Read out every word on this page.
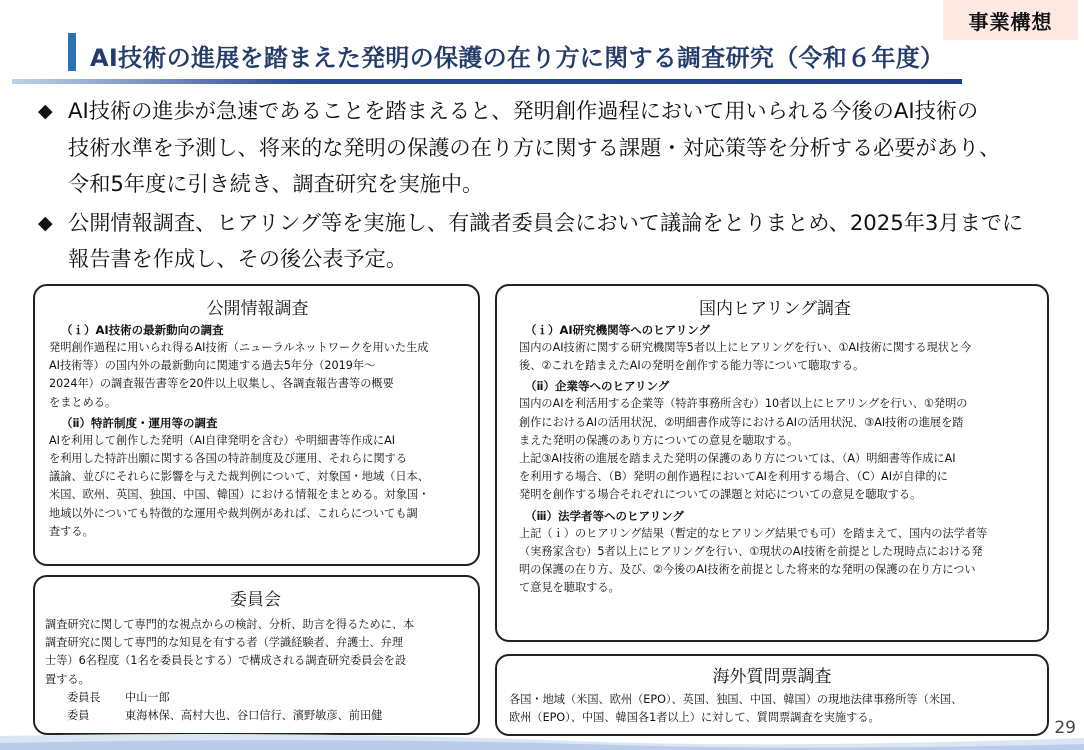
事業構想
AI技術の進展を踏まえた発明の保護の在り方に関する調査研究（令和６年度）
◆ AI技術の進歩が急速であることを踏まえると、発明創作過程において用いられる今後のAI技術の
技術水準を予測し、将来的な発明の保護の在り方に関する課題・対応策等を分析する必要があり、
令和5年度に引き続き、調査研究を実施中。
◆ 公開情報調査、ヒアリング等を実施し、有識者委員会において議論をとりまとめ、2025年3月までに
報告書を作成し、その後公表予定。
公開情報調査
（ｉ）AI技術の最新動向の調査
発明創作過程に用いられ得るAI技術（ニューラルネットワークを用いた生成
AI技術等）の国内外の最新動向に関連する過去5年分（2019年～
2024年）の調査報告書等を20件以上収集し、各調査報告書等の概要
をまとめる。
（ⅱ）特許制度・運用等の調査
AIを利用して創作した発明（AI自律発明を含む）や明細書等作成にAI
を利用した特許出願に関する各国の特許制度及び運用、それらに関する
議論、並びにそれらに影響を与えた裁判例について、対象国・地域（日本、
米国、欧州、英国、独国、中国、韓国）における情報をまとめる。対象国・
地域以外についても特徴的な運用や裁判例があれば、これらについても調
査する。
国内ヒアリング調査
（ｉ）AI研究機関等へのヒアリング
国内のAI技術に関する研究機関等5者以上にヒアリングを行い、①AI技術に関する現状と今
後、②これを踏まえたAIの発明を創作する能力等について聴取する。
（ⅱ）企業等へのヒアリング
国内のAIを利活用する企業等（特許事務所含む）10者以上にヒアリングを行い、①発明の
創作におけるAIの活用状況、②明細書作成等におけるAIの活用状況、③AI技術の進展を踏
まえた発明の保護のあり方についての意見を聴取する。
上記③AI技術の進展を踏まえた発明の保護のあり方については、（A）明細書等作成にAI
を利用する場合、（B）発明の創作過程においてAIを利用する場合、（C）AIが自律的に
発明を創作する場合それぞれについての課題と対応についての意見を聴取する。
（ⅲ）法学者等へのヒアリング
上記（ｉ）のヒアリング結果（暫定的なヒアリング結果でも可）を踏まえて、国内の法学者等
（実務家含む）5者以上にヒアリングを行い、①現状のAI技術を前提とした現時点における発
明の保護の在り方、及び、②今後のAI技術を前提とした将来的な発明の保護の在り方につい
て意見を聴取する。
委員会
調査研究に関して専門的な視点からの検討、分析、助言を得るために、本
調査研究に関して専門的な知見を有する者（学識経験者、弁護士、弁理
士等）6名程度（1名を委員長とする）で構成される調査研究委員会を設
置する。
委員長 中山一郎
委員	東海林保、高村大也、谷口信行、濱野敏彦、前田健
海外質問票調査
各国・地域（米国、欧州（EPO）、英国、独国、中国、韓国）の現地法律事務所等（米国、
欧州（EPO）、中国、韓国各1者以上）に対して、質問票調査を実施する。
29
